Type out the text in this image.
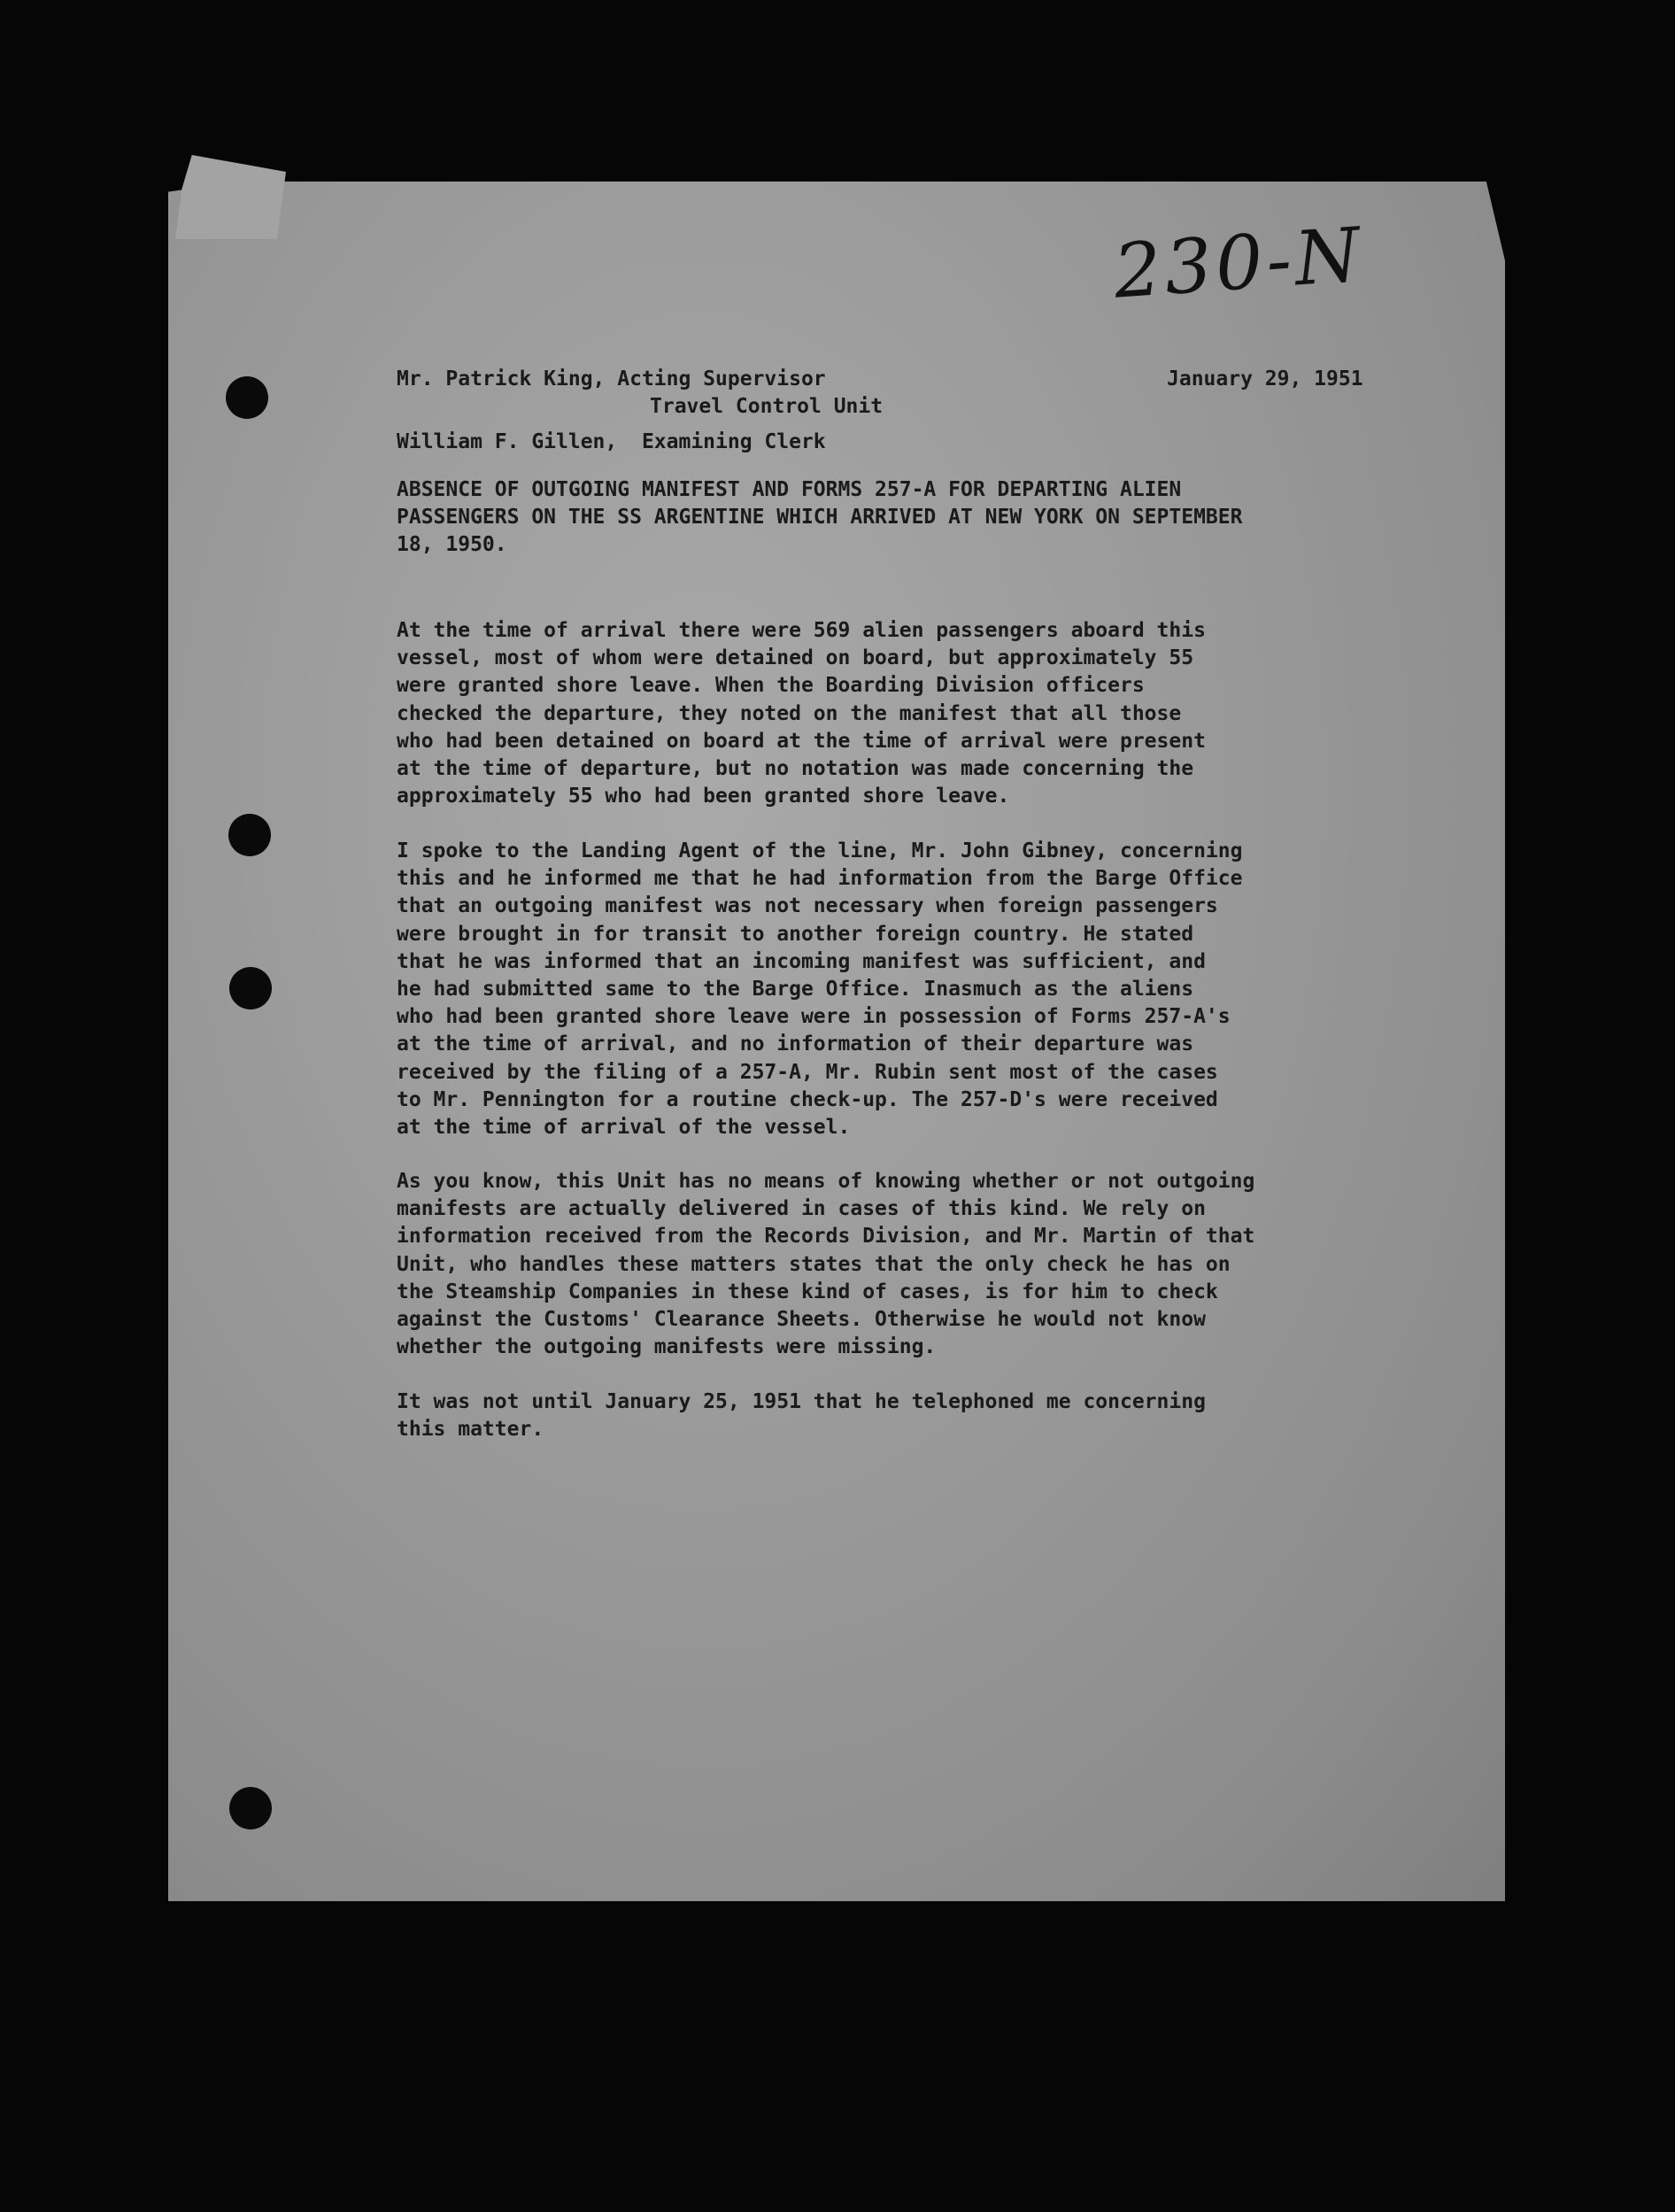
230-N
Mr. Patrick King, Acting Supervisor	January 29, 1951
Travel Control Unit
William F. Gillen,  Examining Clerk
ABSENCE OF OUTGOING MANIFEST AND FORMS 257-A FOR DEPARTING ALIEN
PASSENGERS ON THE SS ARGENTINE WHICH ARRIVED AT NEW YORK ON SEPTEMBER
18, 1950.

At the time of arrival there were 569 alien passengers aboard this
vessel, most of whom were detained on board, but approximately 55
were granted shore leave. When the Boarding Division officers
checked the departure, they noted on the manifest that all those
who had been detained on board at the time of arrival were present
at the time of departure, but no notation was made concerning the
approximately 55 who had been granted shore leave.

I spoke to the Landing Agent of the line, Mr. John Gibney, concerning
this and he informed me that he had information from the Barge Office
that an outgoing manifest was not necessary when foreign passengers
were brought in for transit to another foreign country. He stated
that he was informed that an incoming manifest was sufficient, and
he had submitted same to the Barge Office. Inasmuch as the aliens
who had been granted shore leave were in possession of Forms 257-A's
at the time of arrival, and no information of their departure was
received by the filing of a 257-A, Mr. Rubin sent most of the cases
to Mr. Pennington for a routine check-up. The 257-D's were received
at the time of arrival of the vessel.

As you know, this Unit has no means of knowing whether or not outgoing
manifests are actually delivered in cases of this kind. We rely on
information received from the Records Division, and Mr. Martin of that
Unit, who handles these matters states that the only check he has on
the Steamship Companies in these kind of cases, is for him to check
against the Customs' Clearance Sheets. Otherwise he would not know
whether the outgoing manifests were missing.

It was not until January 25, 1951 that he telephoned me concerning
this matter.
